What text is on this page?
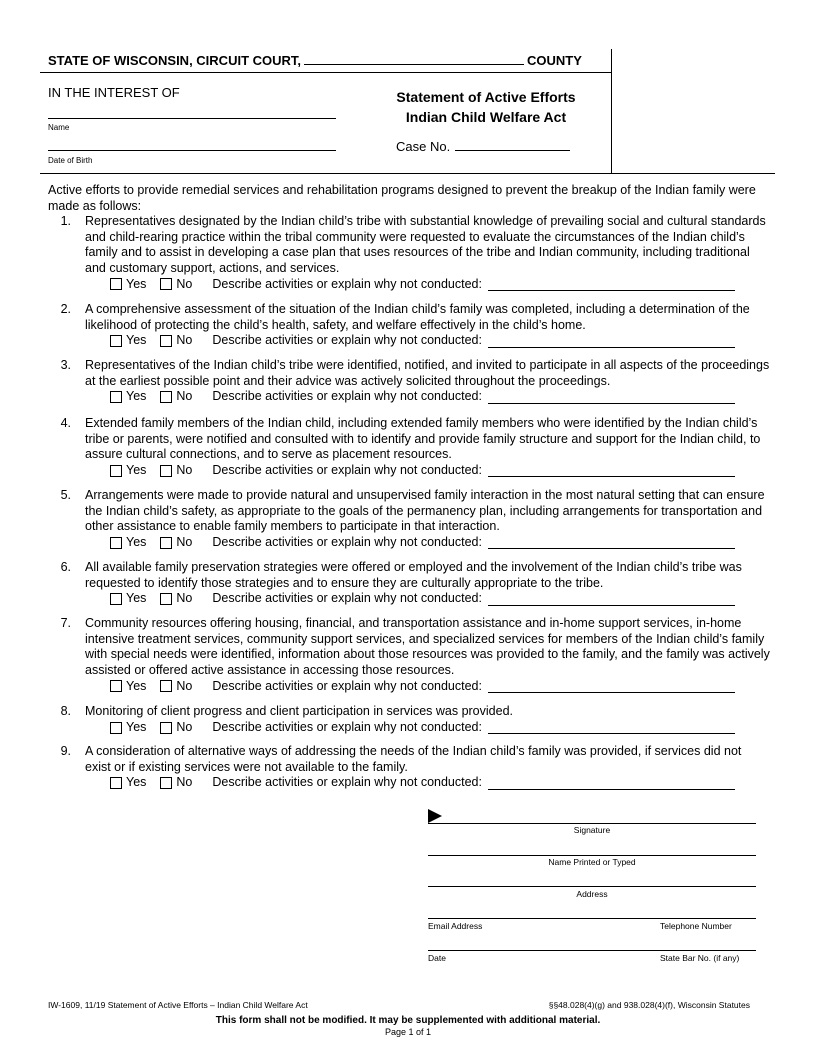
STATE OF WISCONSIN, CIRCUIT COURT,	COUNTY
IN THE INTEREST OF
Name
Date of Birth
Statement of Active Efforts
Indian Child Welfare Act
Case No.
Active efforts to provide remedial services and rehabilitation programs designed to prevent the breakup of the Indian family were made as follows:
1. Representatives designated by the Indian child’s tribe with substantial knowledge of prevailing social and cultural standards and child-rearing practice within the tribal community were requested to evaluate the circumstances of the Indian child’s family and to assist in developing a case plan that uses resources of the tribe and Indian community, including traditional and customary support, actions, and services.
Yes No Describe activities or explain why not conducted:
2. A comprehensive assessment of the situation of the Indian child’s family was completed, including a determination of the likelihood of protecting the child’s health, safety, and welfare effectively in the child’s home.
Yes No Describe activities or explain why not conducted:
3. Representatives of the Indian child’s tribe were identified, notified, and invited to participate in all aspects of the proceedings at the earliest possible point and their advice was actively solicited throughout the proceedings.
Yes No Describe activities or explain why not conducted:
4. Extended family members of the Indian child, including extended family members who were identified by the Indian child’s tribe or parents, were notified and consulted with to identify and provide family structure and support for the Indian child, to assure cultural connections, and to serve as placement resources.
Yes No Describe activities or explain why not conducted:
5. Arrangements were made to provide natural and unsupervised family interaction in the most natural setting that can ensure the Indian child’s safety, as appropriate to the goals of the permanency plan, including arrangements for transportation and other assistance to enable family members to participate in that interaction.
Yes No Describe activities or explain why not conducted:
6. All available family preservation strategies were offered or employed and the involvement of the Indian child’s tribe was requested to identify those strategies and to ensure they are culturally appropriate to the tribe.
Yes No Describe activities or explain why not conducted:
7. Community resources offering housing, financial, and transportation assistance and in-home support services, in-home intensive treatment services, community support services, and specialized services for members of the Indian child’s family with special needs were identified, information about those resources was provided to the family, and the family was actively assisted or offered active assistance in accessing those resources.
Yes No Describe activities or explain why not conducted:
8. Monitoring of client progress and client participation in services was provided.
Yes No Describe activities or explain why not conducted:
9. A consideration of alternative ways of addressing the needs of the Indian child’s family was provided, if services did not exist or if existing services were not available to the family.
Yes No Describe activities or explain why not conducted:
Signature
Name Printed or Typed
Address
Email Address	Telephone Number
Date	State Bar No. (if any)
IW-1609, 11/19 Statement of Active Efforts – Indian Child Welfare Act	§§48.028(4)(g) and 938.028(4)(f), Wisconsin Statutes
This form shall not be modified. It may be supplemented with additional material.
Page 1 of 1
